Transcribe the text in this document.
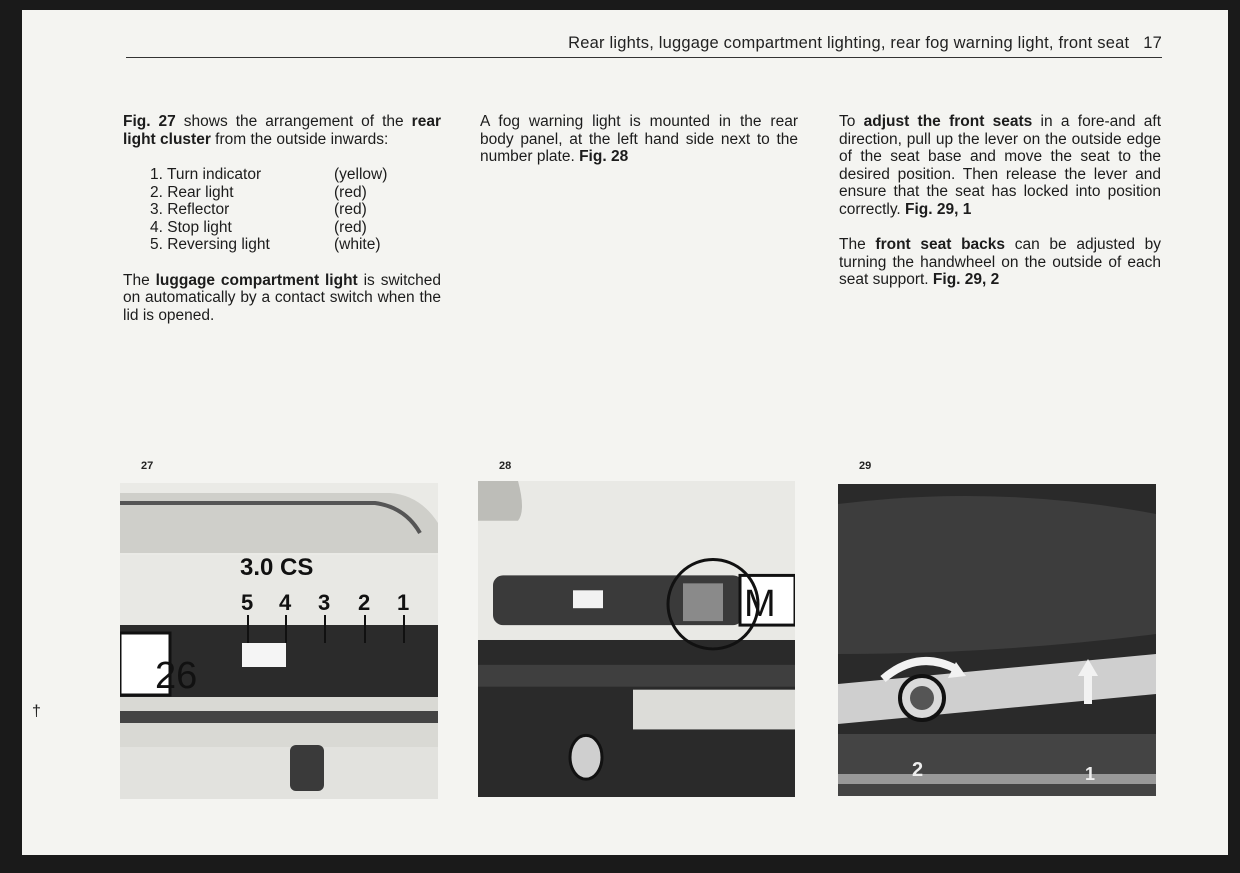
Rear lights, luggage compartment lighting, rear fog warning light, front seat 17

Fig. 27 shows the arrangement of the rear light cluster from the outside inwards:

1. Turn indicator	(yellow)
2. Rear light	(red)
3. Reflector	(red)
4. Stop light	(red)
5. Reversing light	(white)

The luggage compartment light is switched on automatically by a contact switch when the lid is opened.

A fog warning light is mounted in the rear body panel, at the left hand side next to the number plate. Fig. 28

To adjust the front seats in a fore-and aft direction, pull up the lever on the outside edge of the seat base and move the seat to the desired position. Then release the lever and ensure that the seat has locked into position correctly. Fig. 29, 1

The front seat backs can be adjusted by turning the handwheel on the outside of each seat support. Fig. 29, 2

27	28	29
3.0 CS
26
5 4 3 2 1	M
1
2
†
